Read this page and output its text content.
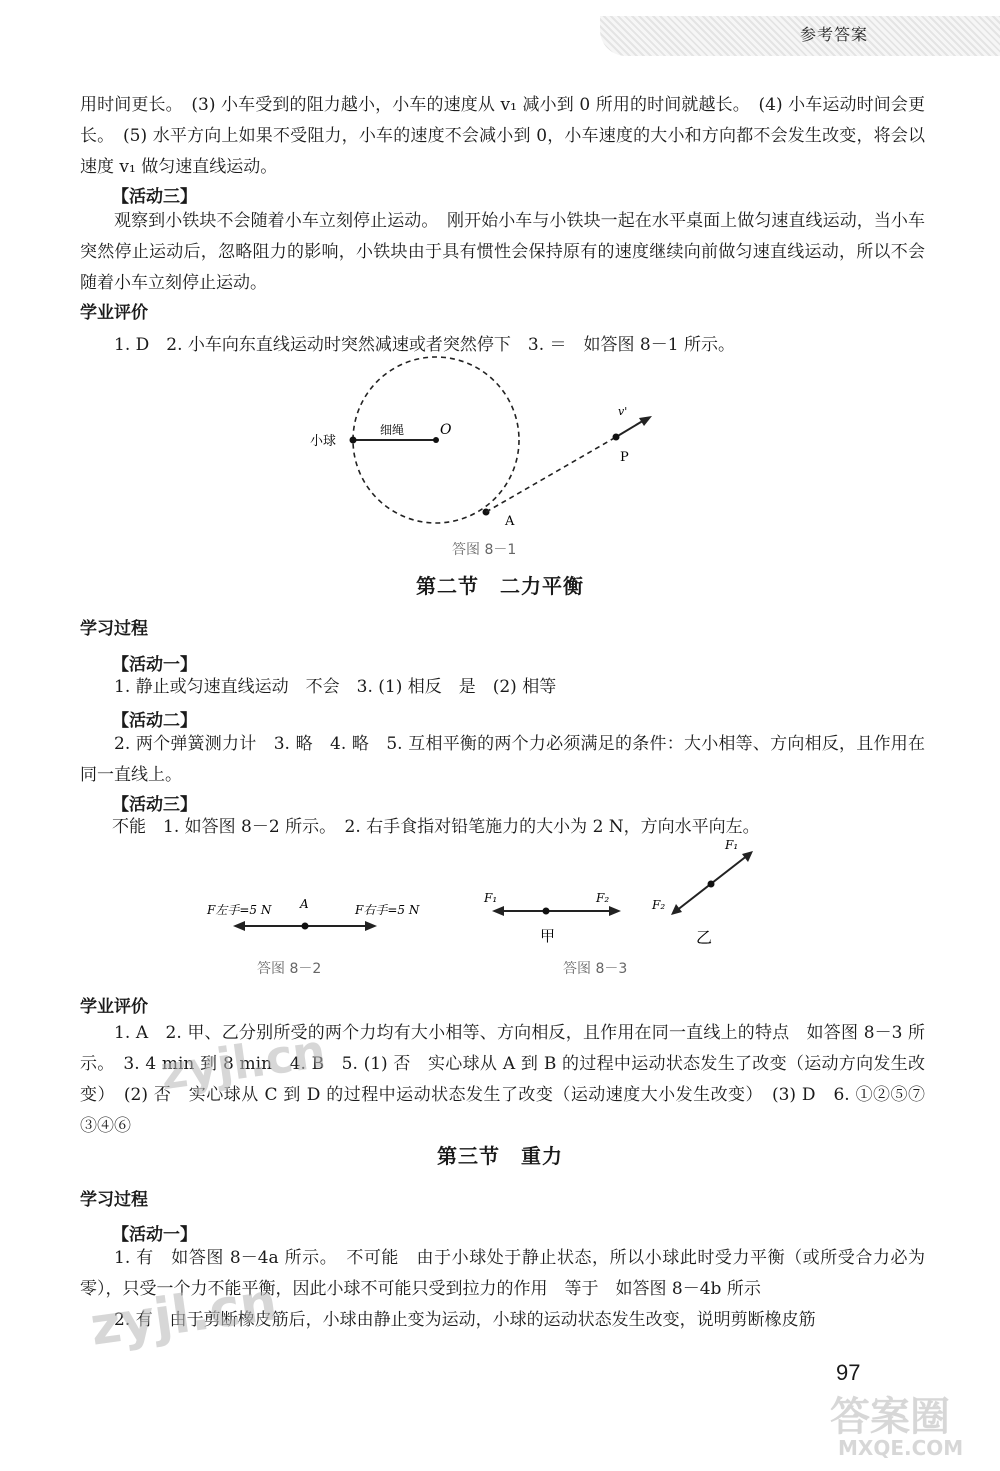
参考答案
用时间更长。　(3) 小车受到的阻力越小，小车的速度从 v₁ 减小到 0 所用的时间就越长。　(4) 小车运动时间会更长。　(5) 水平方向上如果不受阻力，小车的速度不会减小到 0，小车速度的大小和方向都不会发生改变，将会以速度 v₁ 做匀速直线运动。
【活动三】
观察到小铁块不会随着小车立刻停止运动。　刚开始小车与小铁块一起在水平桌面上做匀速直线运动，当小车突然停止运动后，忽略阻力的影响，小铁块由于具有惯性会保持原有的速度继续向前做匀速直线运动，所以不会随着小车立刻停止运动。
学业评价
1. D　2. 小车向东直线运动时突然减速或者突然停下　3. ＝　如答图 8－1 所示。
小球
细绳	O
A
P
v'
答图 8－1
第二节　二力平衡
学习过程
【活动一】
1. 静止或匀速直线运动　不会　3. (1) 相反　是　(2) 相等
【活动二】
2. 两个弹簧测力计　3. 略　4. 略　5. 互相平衡的两个力必须满足的条件：大小相等、方向相反，且作用在同一直线上。
【活动三】
不能　1. 如答图 8－2 所示。　2. 右手食指对铅笔施力的大小为 2 N，方向水平向左。
F左手=5 N A	F右手=5 N
答图 8－2
F₁	F₂
甲
F₁
F₂
乙
答图 8－3
学业评价
1. A　2. 甲、乙分别所受的两个力均有大小相等、方向相反，且作用在同一直线上的特点　如答图 8－3 所示。　3. 4 min 到 8 min　4. B　5. (1) 否　实心球从 A 到 B 的过程中运动状态发生了改变（运动方向发生改变）　(2) 否　实心球从 C 到 D 的过程中运动状态发生了改变（运动速度大小发生改变）　(3) D　6. ①②⑤⑦　③④⑥
第三节　重力
学习过程
【活动一】
1. 有　如答图 8－4a 所示。　不可能　由于小球处于静止状态，所以小球此时受力平衡（或所受合力必为零），只受一个力不能平衡，因此小球不可能只受到拉力的作用　等于　如答图 8－4b 所示
2. 有　由于剪断橡皮筋后，小球由静止变为运动，小球的运动状态发生改变，说明剪断橡皮筋
97
zyjl.cn
zyjl.cn
答案圈
MXQE.COM
